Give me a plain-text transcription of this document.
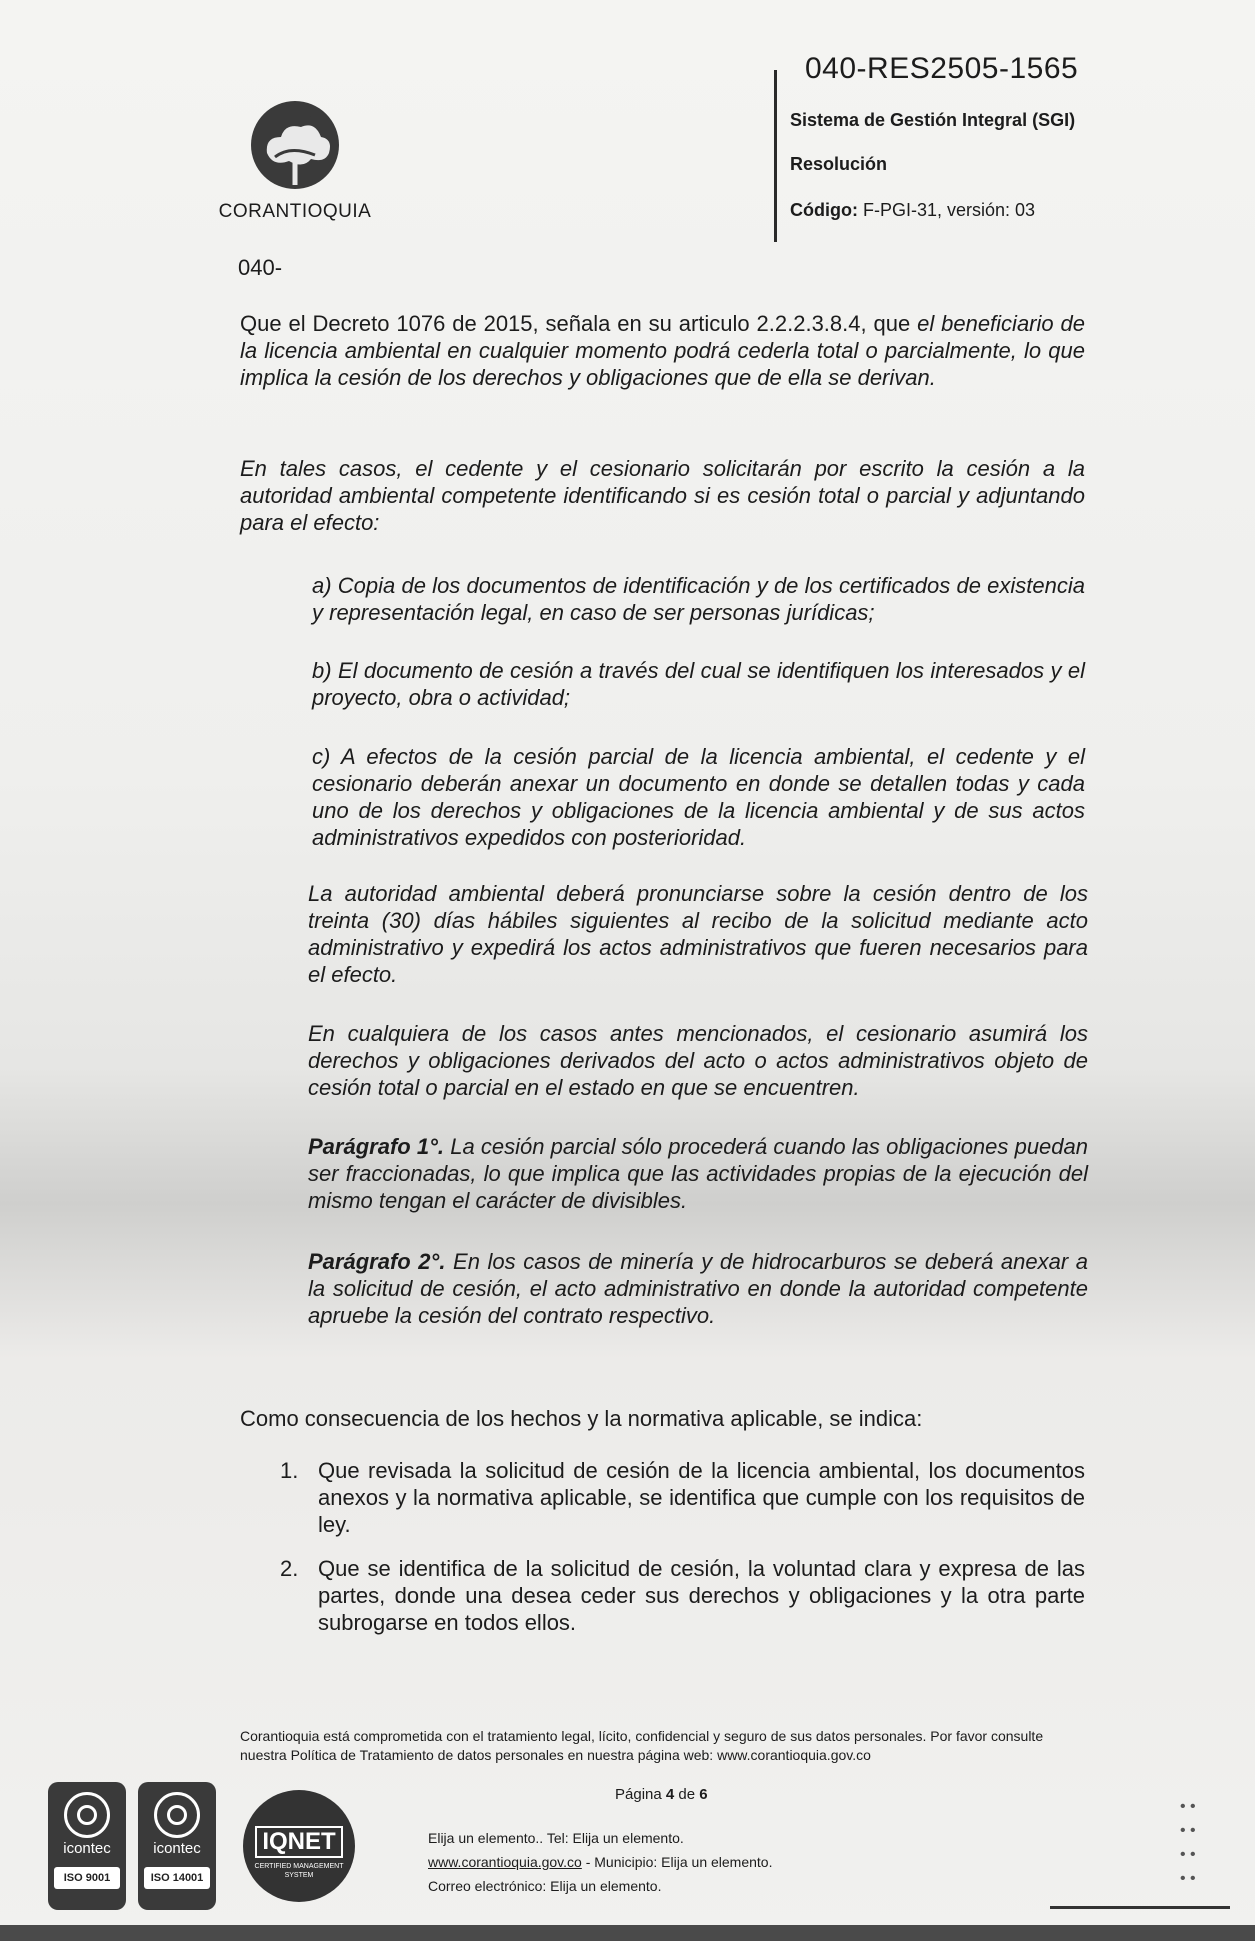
CORANTIOQUIA
040-RES2505-1565
Sistema de Gestión Integral (SGI)
Resolución
Código: F-PGI-31, versión: 03
040-
Que el Decreto 1076 de 2015, señala en su articulo 2.2.2.3.8.4, que el beneficiario de la licencia ambiental en cualquier momento podrá cederla total o parcialmente, lo que implica la cesión de los derechos y obligaciones que de ella se derivan.
En tales casos, el cedente y el cesionario solicitarán por escrito la cesión a la autoridad ambiental competente identificando si es cesión total o parcial y adjuntando para el efecto:
a) Copia de los documentos de identificación y de los certificados de existencia y representación legal, en caso de ser personas jurídicas;
b) El documento de cesión a través del cual se identifiquen los interesados y el proyecto, obra o actividad;
c) A efectos de la cesión parcial de la licencia ambiental, el cedente y el cesionario deberán anexar un documento en donde se detallen todas y cada uno de los derechos y obligaciones de la licencia ambiental y de sus actos administrativos expedidos con posterioridad.
La autoridad ambiental deberá pronunciarse sobre la cesión dentro de los treinta (30) días hábiles siguientes al recibo de la solicitud mediante acto administrativo y expedirá los actos administrativos que fueren necesarios para el efecto.
En cualquiera de los casos antes mencionados, el cesionario asumirá los derechos y obligaciones derivados del acto o actos administrativos objeto de cesión total o parcial en el estado en que se encuentren.
Parágrafo 1°. La cesión parcial sólo procederá cuando las obligaciones puedan ser fraccionadas, lo que implica que las actividades propias de la ejecución del mismo tengan el carácter de divisibles.
Parágrafo 2°. En los casos de minería y de hidrocarburos se deberá anexar a la solicitud de cesión, el acto administrativo en donde la autoridad competente apruebe la cesión del contrato respectivo.
Como consecuencia de los hechos y la normativa aplicable, se indica:

1. Que revisada la solicitud de cesión de la licencia ambiental, los documentos anexos y la normativa aplicable, se identifica que cumple con los requisitos de ley.

2. Que se identifica de la solicitud de cesión, la voluntad clara y expresa de las partes, donde una desea ceder sus derechos y obligaciones y la otra parte subrogarse en todos ellos.

Corantioquia está comprometida con el tratamiento legal, lícito, confidencial y seguro de sus datos personales. Por favor consulte nuestra Política de Tratamiento de datos personales en nuestra página web: www.corantioquia.gov.co
Página 4 de 6
Elija un elemento.. Tel: Elija un elemento.
www.corantioquia.gov.co - Municipio: Elija un elemento.
Correo electrónico: Elija un elemento.
icontec
ISO 9001
icontec
ISO 14001
IQNET
CERTIFIED MANAGEMENT SYSTEM
• •
• •
• •
• •
